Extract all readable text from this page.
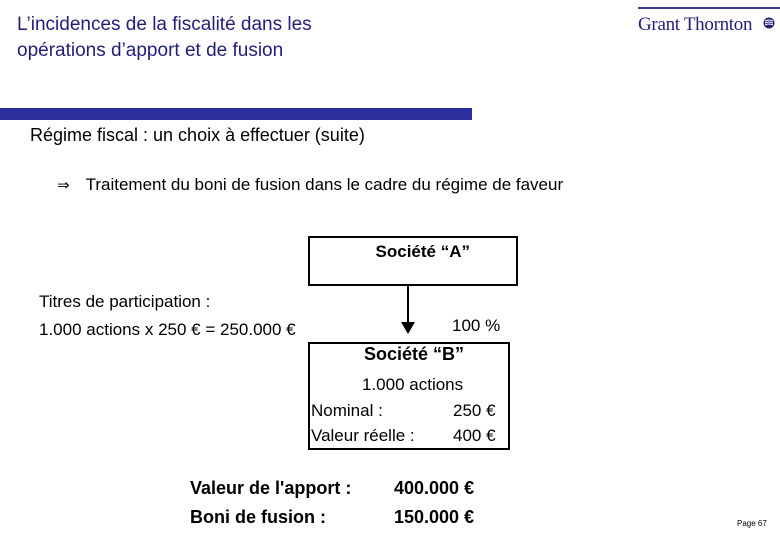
L’incidences de la fiscalité dans les
opérations d’apport et de fusion
Grant Thornton
Régime fiscal : un choix à effectuer (suite)
⇒ Traitement du boni de fusion dans le cadre du régime de faveur
Société “A”
Titres de participation :
1.000 actions x 250 € = 250.000 €	100 %
Société “B”
1.000 actions
Nominal :	250 €
Valeur réelle : 400 €
Valeur de l'apport : 400.000 €
Boni de fusion :	150.000 €	Page 67
